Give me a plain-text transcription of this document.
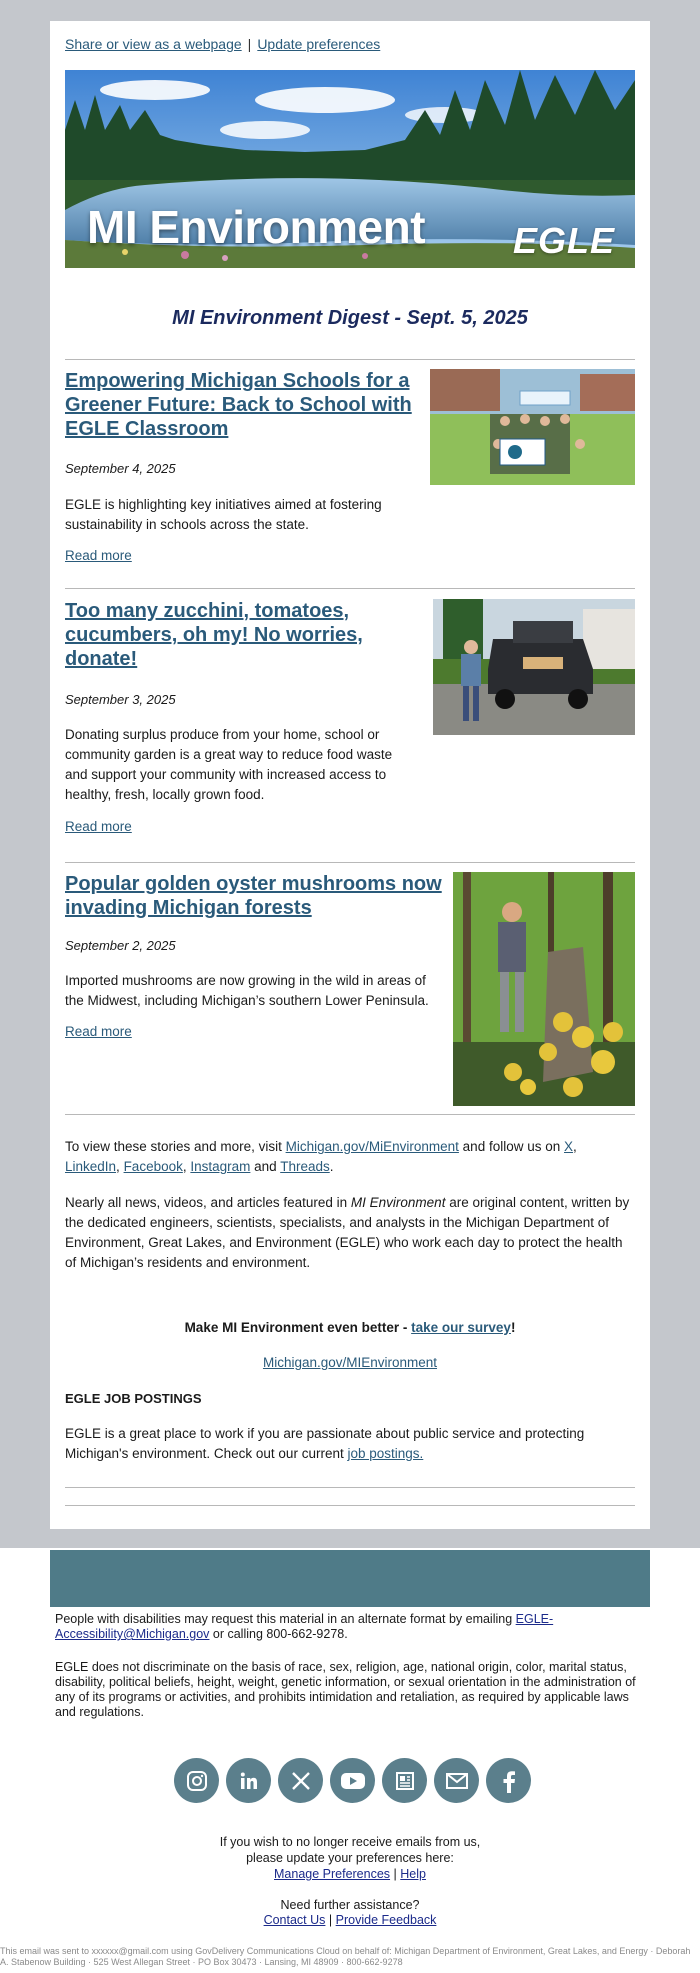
Share or view as a webpage | Update preferences
MI Environment EGLE
MI Environment Digest - Sept. 5, 2025
Empowering Michigan Schools for a Greener Future: Back to School with EGLE Classroom
September 4, 2025
EGLE is highlighting key initiatives aimed at fostering sustainability in schools across the state.
Read more
Too many zucchini, tomatoes, cucumbers, oh my! No worries, donate!
September 3, 2025
Donating surplus produce from your home, school or community garden is a great way to reduce food waste and support your community with increased access to healthy, fresh, locally grown food.
Read more
Popular golden oyster mushrooms now invading Michigan forests
September 2, 2025
Imported mushrooms are now growing in the wild in areas of the Midwest, including Michigan’s southern Lower Peninsula.
Read more
To view these stories and more, visit Michigan.gov/MiEnvironment and follow us on X, LinkedIn, Facebook, Instagram and Threads.
Nearly all news, videos, and articles featured in MI Environment are original content, written by the dedicated engineers, scientists, specialists, and analysts in the Michigan Department of Environment, Great Lakes, and Environment (EGLE) who work each day to protect the health of Michigan’s residents and environment.
Make MI Environment even better - take our survey!
Michigan.gov/MIEnvironment
EGLE JOB POSTINGS
EGLE is a great place to work if you are passionate about public service and protecting Michigan's environment. Check out our current job postings.
People with disabilities may request this material in an alternate format by emailing EGLE-Accessibility@Michigan.gov or calling 800-662-9278.
EGLE does not discriminate on the basis of race, sex, religion, age, national origin, color, marital status, disability, political beliefs, height, weight, genetic information, or sexual orientation in the administration of any of its programs or activities, and prohibits intimidation and retaliation, as required by applicable laws and regulations.
If you wish to no longer receive emails from us,
please update your preferences here:
Manage Preferences | Help
Need further assistance?
Contact Us | Provide Feedback
This email was sent to xxxxxx@gmail.com using GovDelivery Communications Cloud on behalf of: Michigan Department of Environment, Great Lakes, and Energy · Deborah A. Stabenow Building · 525 West Allegan Street · PO Box 30473 · Lansing, MI 48909 · 800-662-9278
